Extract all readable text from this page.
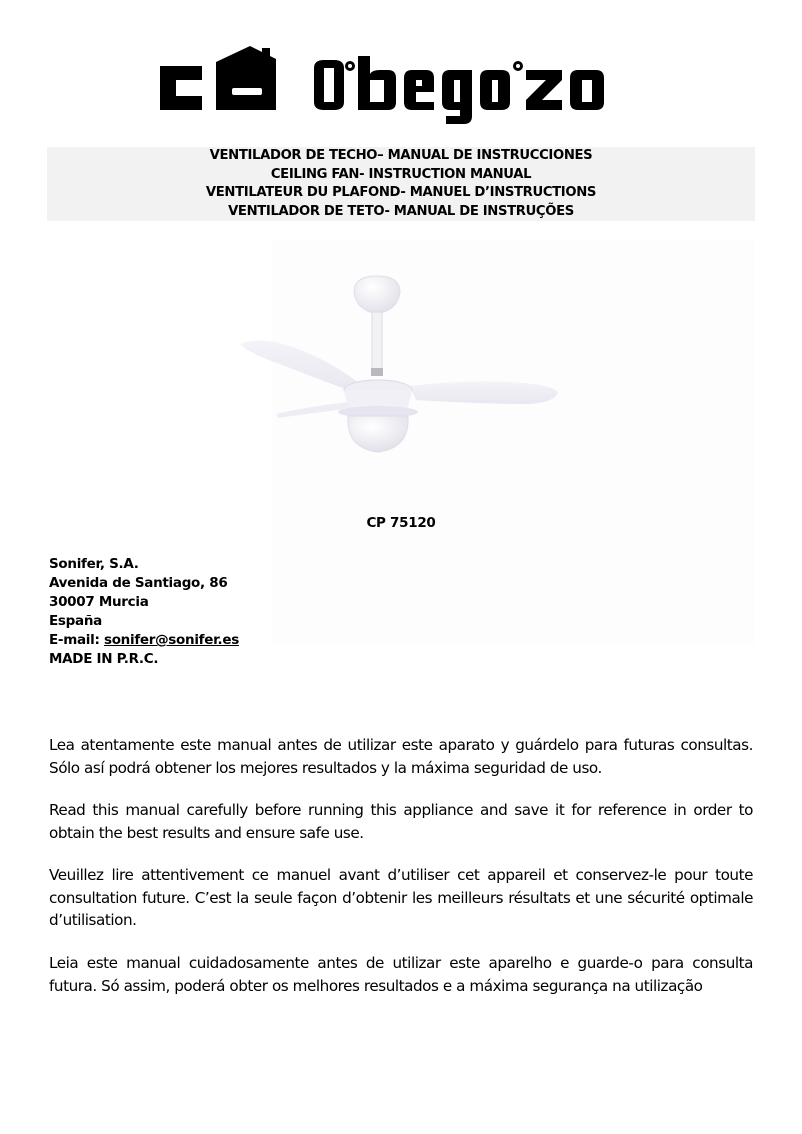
VENTILADOR DE TECHO– MANUAL DE INSTRUCCIONES
CEILING FAN- INSTRUCTION MANUAL
VENTILATEUR DU PLAFOND- MANUEL D’INSTRUCTIONS
VENTILADOR DE TETO- MANUAL DE INSTRUÇÕES
CP 75120
Sonifer, S.A.
Avenida de Santiago, 86
30007 Murcia
España
E-mail: sonifer@sonifer.es
MADE IN P.R.C.
Lea atentamente este manual antes de utilizar este aparato y guárdelo para futuras consultas. Sólo así podrá obtener los mejores resultados y la máxima seguridad de uso.
Read this manual carefully before running this appliance and save it for reference in order to obtain the best results and ensure safe use.
Veuillez lire attentivement ce manuel avant d’utiliser cet appareil et conservez-le pour toute consultation future. C’est la seule façon d’obtenir les meilleurs résultats et une sécurité optimale d’utilisation.
Leia este manual cuidadosamente antes de utilizar este aparelho e guarde-o para consulta futura. Só assim, poderá obter os melhores resultados e a máxima segurança na utilização
